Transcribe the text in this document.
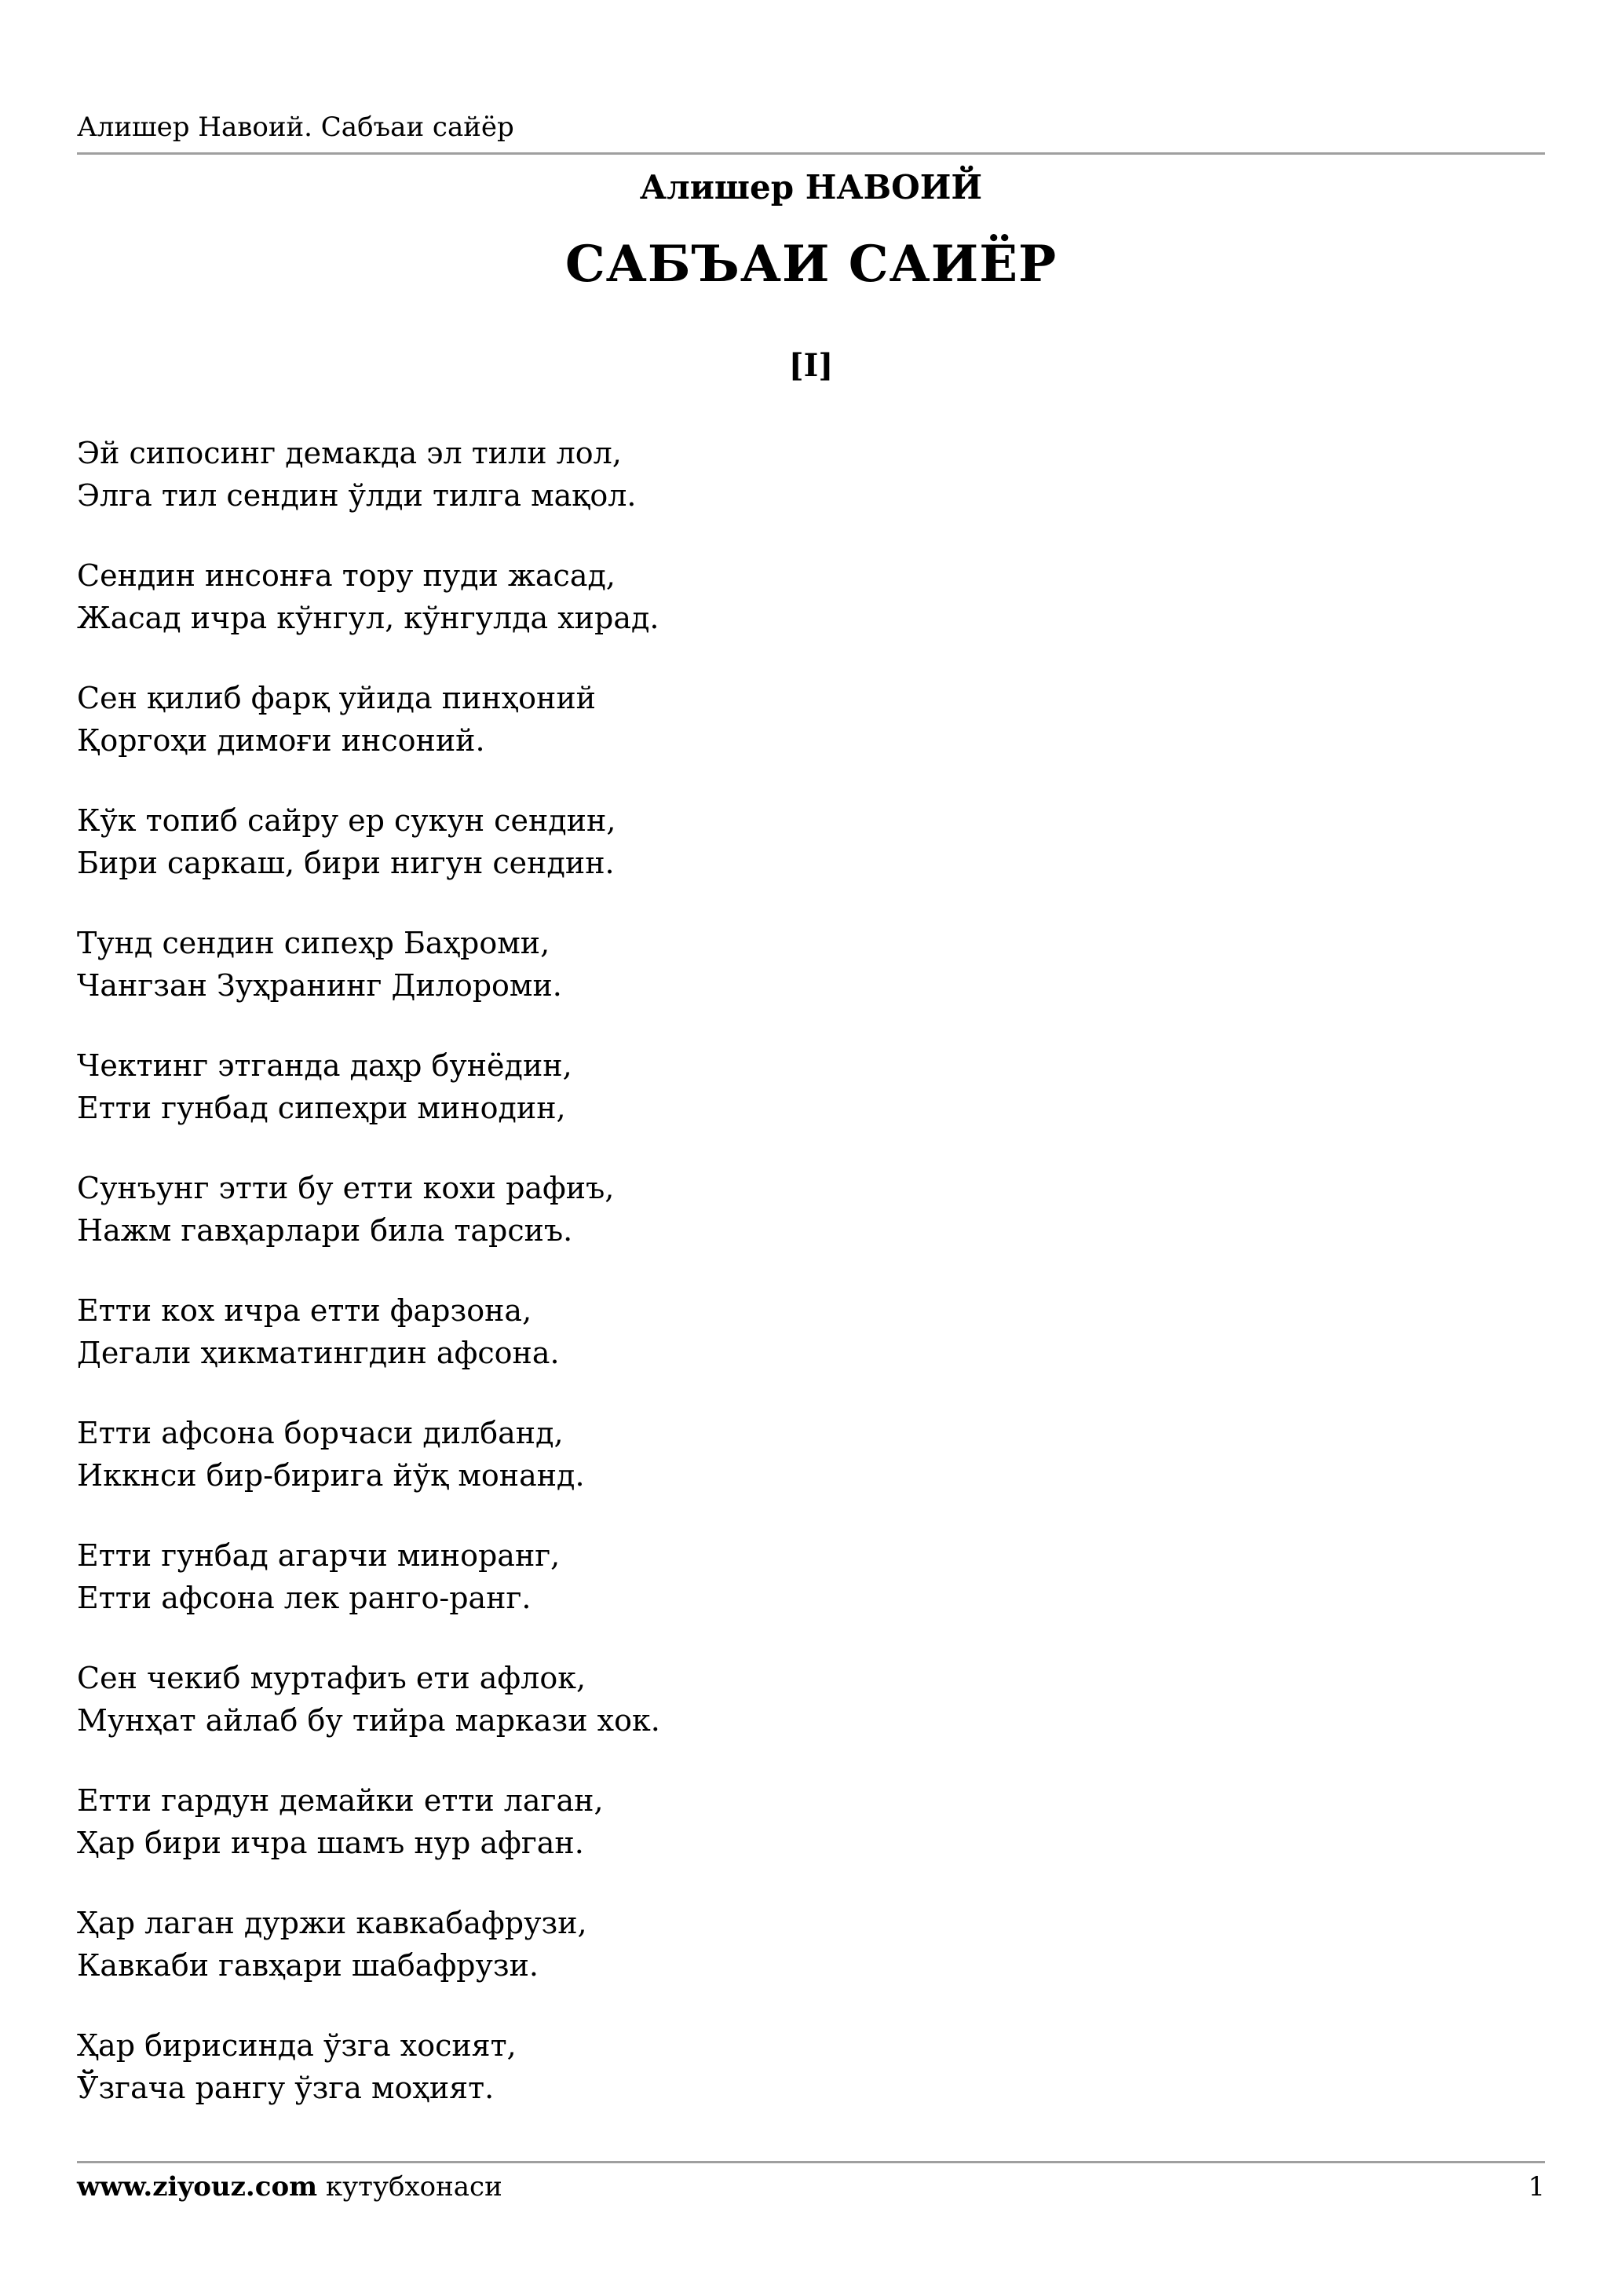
Алишер Навоий. Сабъаи сайёр
Алишер НАВОИЙ
САБЪАИ САИЁР
[I]
Эй сипосинг демакда эл тили лол,
Элга тил сендин ўлди тилга мақол.
Сендин инсонға тору пуди жасад,
Жасад ичра кўнгул, кўнгулда хирад.
Сен қилиб фарқ уйида пинҳоний
Қоргоҳи димоғи инсоний.
Кўк топиб сайру ер сукун сендин,
Бири саркаш, бири нигун сендин.
Тунд сендин сипеҳр Баҳроми,
Чангзан Зуҳранинг Дилороми.
Чектинг этганда даҳр бунёдин,
Етти гунбад сипеҳри минодин,
Сунъунг этти бу етти кохи рафиъ,
Нажм гавҳарлари била тарсиъ.
Етти кох ичра етти фарзона,
Дегали ҳикматингдин афсона.
Етти афсона борчаси дилбанд,
Иккнси бир-бирига йўқ монанд.
Етти гунбад агарчи миноранг,
Етти афсона лек ранго-ранг.
Сен чекиб муртафиъ ети афлок,
Мунҳат айлаб бу тийра маркази хок.
Етти гардун демайки етти лаган,
Ҳар бири ичра шамъ нур афган.
Ҳар лаган дуржи кавкабафрузи,
Кавкаби гавҳари шабафрузи.
Ҳар бирисинда ўзга хосият,
Ўзгача рангу ўзга моҳият.
www.ziyouz.com кутубхонаси	1
